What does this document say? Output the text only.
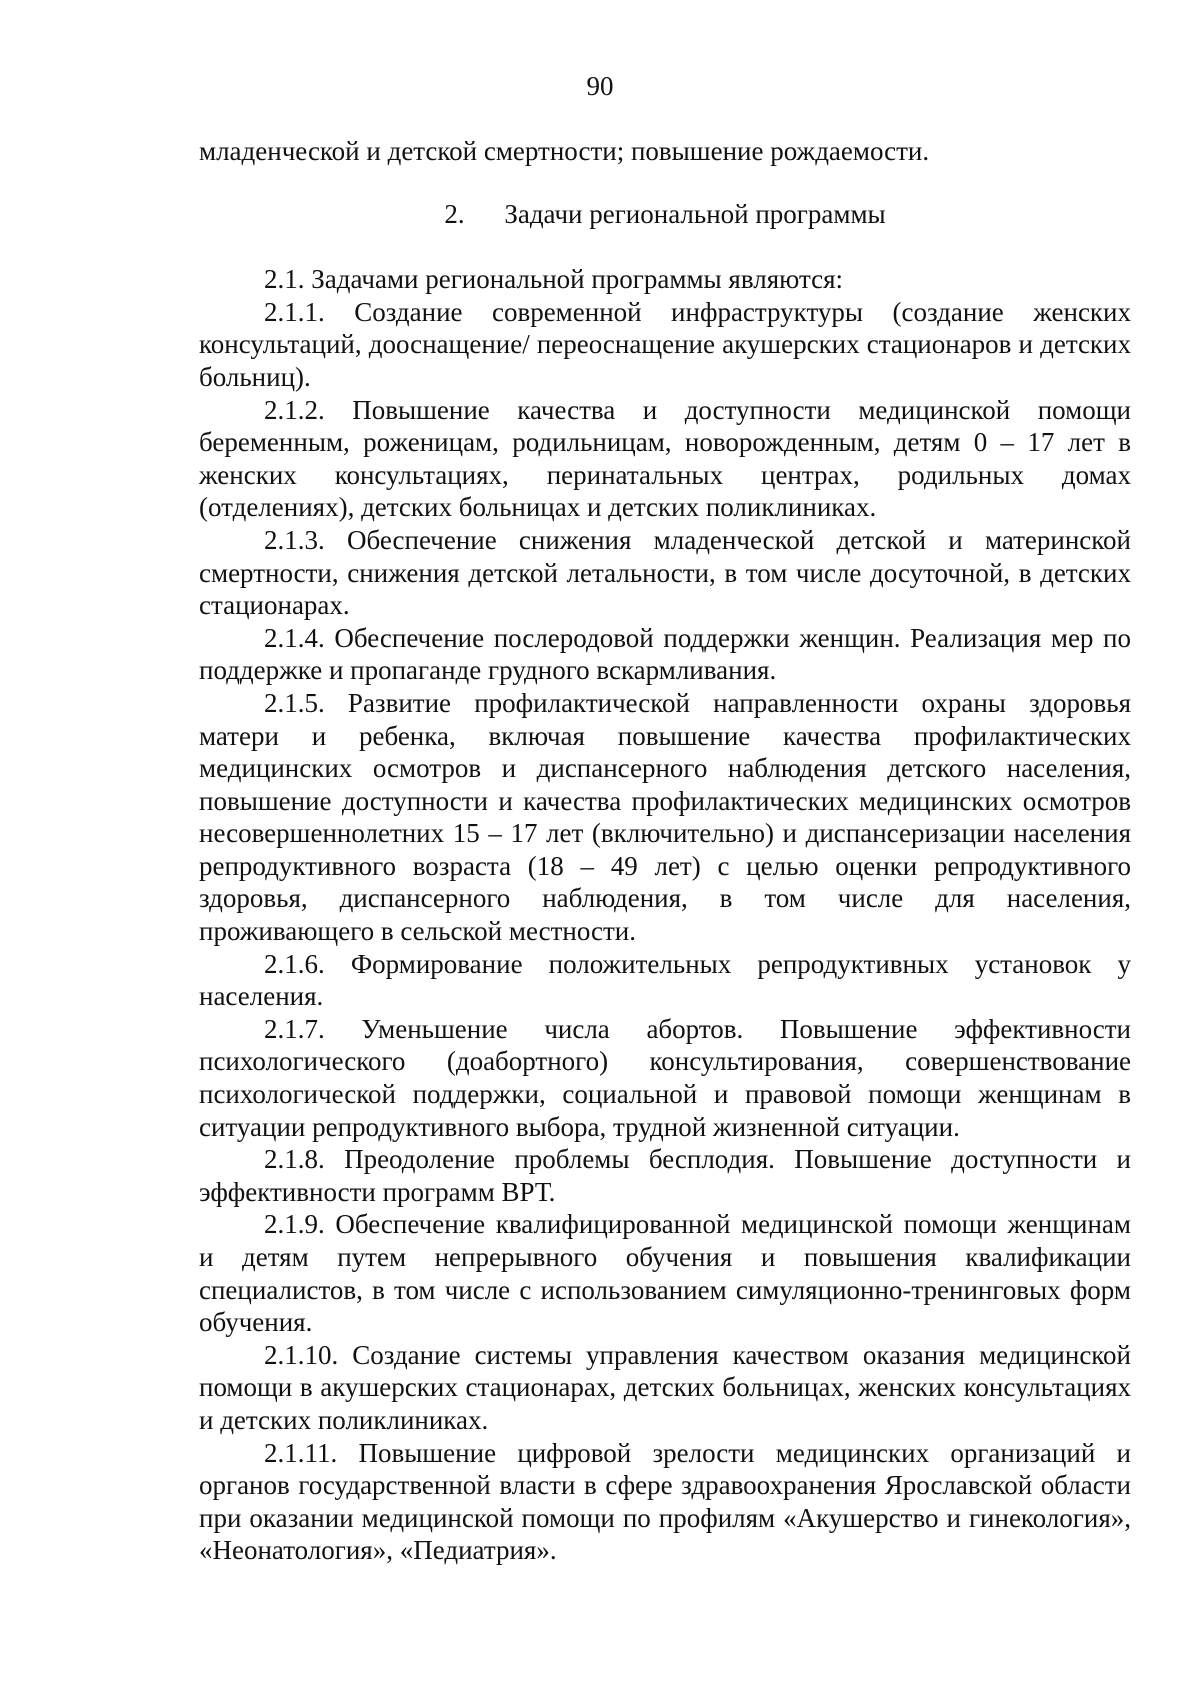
90

младенческой и детской смертности; повышение рождаемости.

2. Задачи региональной программы

2.1. Задачами региональной программы являются:

2.1.1. Создание современной инфраструктуры (создание женских консультаций, дооснащение/ переоснащение акушерских стационаров и детских больниц).

2.1.2. Повышение качества и доступности медицинской помощи беременным, роженицам, родильницам, новорожденным, детям 0 – 17 лет в женских консультациях, перинатальных центрах, родильных домах (отделениях), детских больницах и детских поликлиниках.

2.1.3. Обеспечение снижения младенческой детской и материнской смертности, снижения детской летальности, в том числе досуточной, в детских стационарах.

2.1.4. Обеспечение послеродовой поддержки женщин. Реализация мер по поддержке и пропаганде грудного вскармливания.

2.1.5. Развитие профилактической направленности охраны здоровья матери и ребенка, включая повышение качества профилактических медицинских осмотров и диспансерного наблюдения детского населения, повышение доступности и качества профилактических медицинских осмотров несовершеннолетних 15 – 17 лет (включительно) и диспансеризации населения репродуктивного возраста (18 – 49 лет) с целью оценки репродуктивного здоровья, диспансерного наблюдения, в том числе для населения, проживающего в сельской местности.

2.1.6. Формирование положительных репродуктивных установок у населения.

2.1.7. Уменьшение числа абортов. Повышение эффективности психологического (доабортного) консультирования, совершенствование психологической поддержки, социальной и правовой помощи женщинам в ситуации репродуктивного выбора, трудной жизненной ситуации.

2.1.8. Преодоление проблемы бесплодия. Повышение доступности и эффективности программ ВРТ.

2.1.9. Обеспечение квалифицированной медицинской помощи женщинам и детям путем непрерывного обучения и повышения квалификации специалистов, в том числе с использованием симуляционно-тренинговых форм обучения.

2.1.10. Создание системы управления качеством оказания медицинской помощи в акушерских стационарах, детских больницах, женских консультациях и детских поликлиниках.

2.1.11. Повышение цифровой зрелости медицинских организаций и органов государственной власти в сфере здравоохранения Ярославской области при оказании медицинской помощи по профилям «Акушерство и гинекология», «Неонатология», «Педиатрия».
